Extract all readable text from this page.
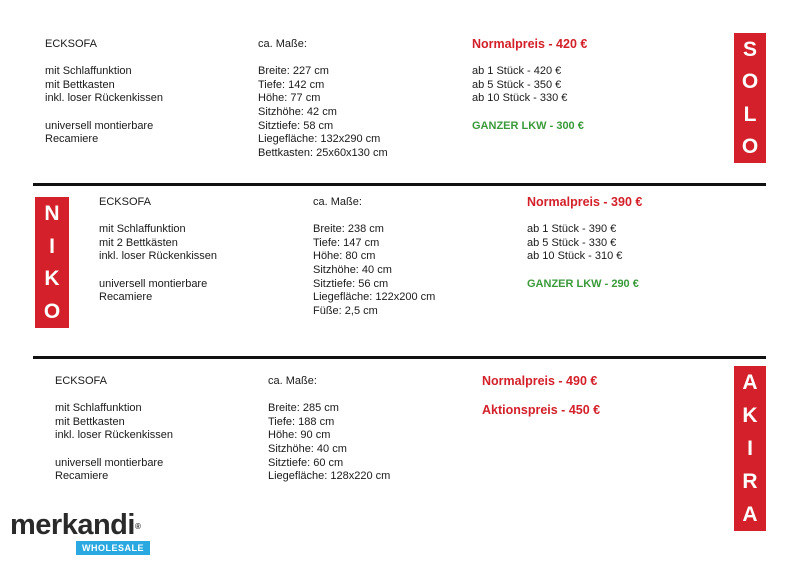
ECKSOFA
mit Schlaffunktion
mit Bettkasten
inkl. loser Rückenkissen
universell montierbare
Recamiere
ca. Maße:
Breite: 227 cm
Tiefe: 142 cm
Höhe: 77 cm
Sitzhöhe: 42 cm
Sitztiefe: 58 cm
Liegefläche: 132x290 cm
Bettkasten: 25x60x130 cm
Normalpreis - 420 €
ab 1 Stück - 420 €
ab 5 Stück - 350 €
ab 10 Stück - 330 €
GANZER LKW - 300 €
S
O
L
O
N
I
K
O
ECKSOFA
mit Schlaffunktion
mit 2 Bettkästen
inkl. loser Rückenkissen
universell montierbare
Recamiere
ca. Maße:
Breite: 238 cm
Tiefe: 147 cm
Höhe: 80 cm
Sitzhöhe: 40 cm
Sitztiefe: 56 cm
Liegefläche: 122x200 cm
Füße: 2,5 cm
Normalpreis - 390 €
ab 1 Stück - 390 €
ab 5 Stück - 330 €
ab 10 Stück - 310 €
GANZER LKW - 290 €
ECKSOFA
mit Schlaffunktion
mit Bettkasten
inkl. loser Rückenkissen
universell montierbare
Recamiere
ca. Maße:
Breite: 285 cm
Tiefe: 188 cm
Höhe: 90 cm
Sitzhöhe: 40 cm
Sitztiefe: 60 cm
Liegefläche: 128x220 cm
Normalpreis - 490 €
Aktionspreis - 450 €
A
K
I
R
A
merkandi®
WHOLESALE
